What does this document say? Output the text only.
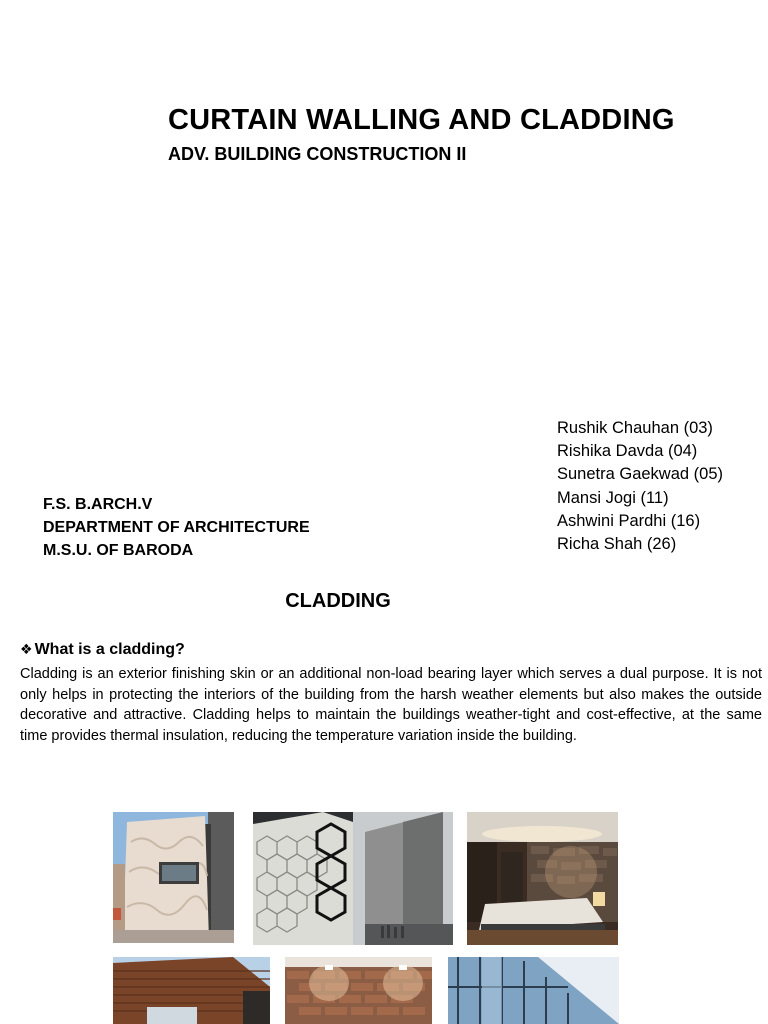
CURTAIN WALLING AND CLADDING
ADV. BUILDING CONSTRUCTION II
Rushik Chauhan (03)
Rishika Davda (04)
Sunetra Gaekwad (05)
Mansi Jogi (11)
Ashwini Pardhi (16)
Richa Shah (26)
F.S. B.ARCH.V
DEPARTMENT OF ARCHITECTURE
M.S.U. OF BARODA
CLADDING
❖ What is a cladding?
Cladding is an exterior finishing skin or an additional non-load bearing layer which serves a dual purpose. It is not only helps in protecting the interiors of the building from the harsh weather elements but also makes the outside decorative and attractive. Cladding helps to maintain the buildings weather-tight and cost-effective, at the same time provides thermal insulation, reducing the temperature variation inside the building.
